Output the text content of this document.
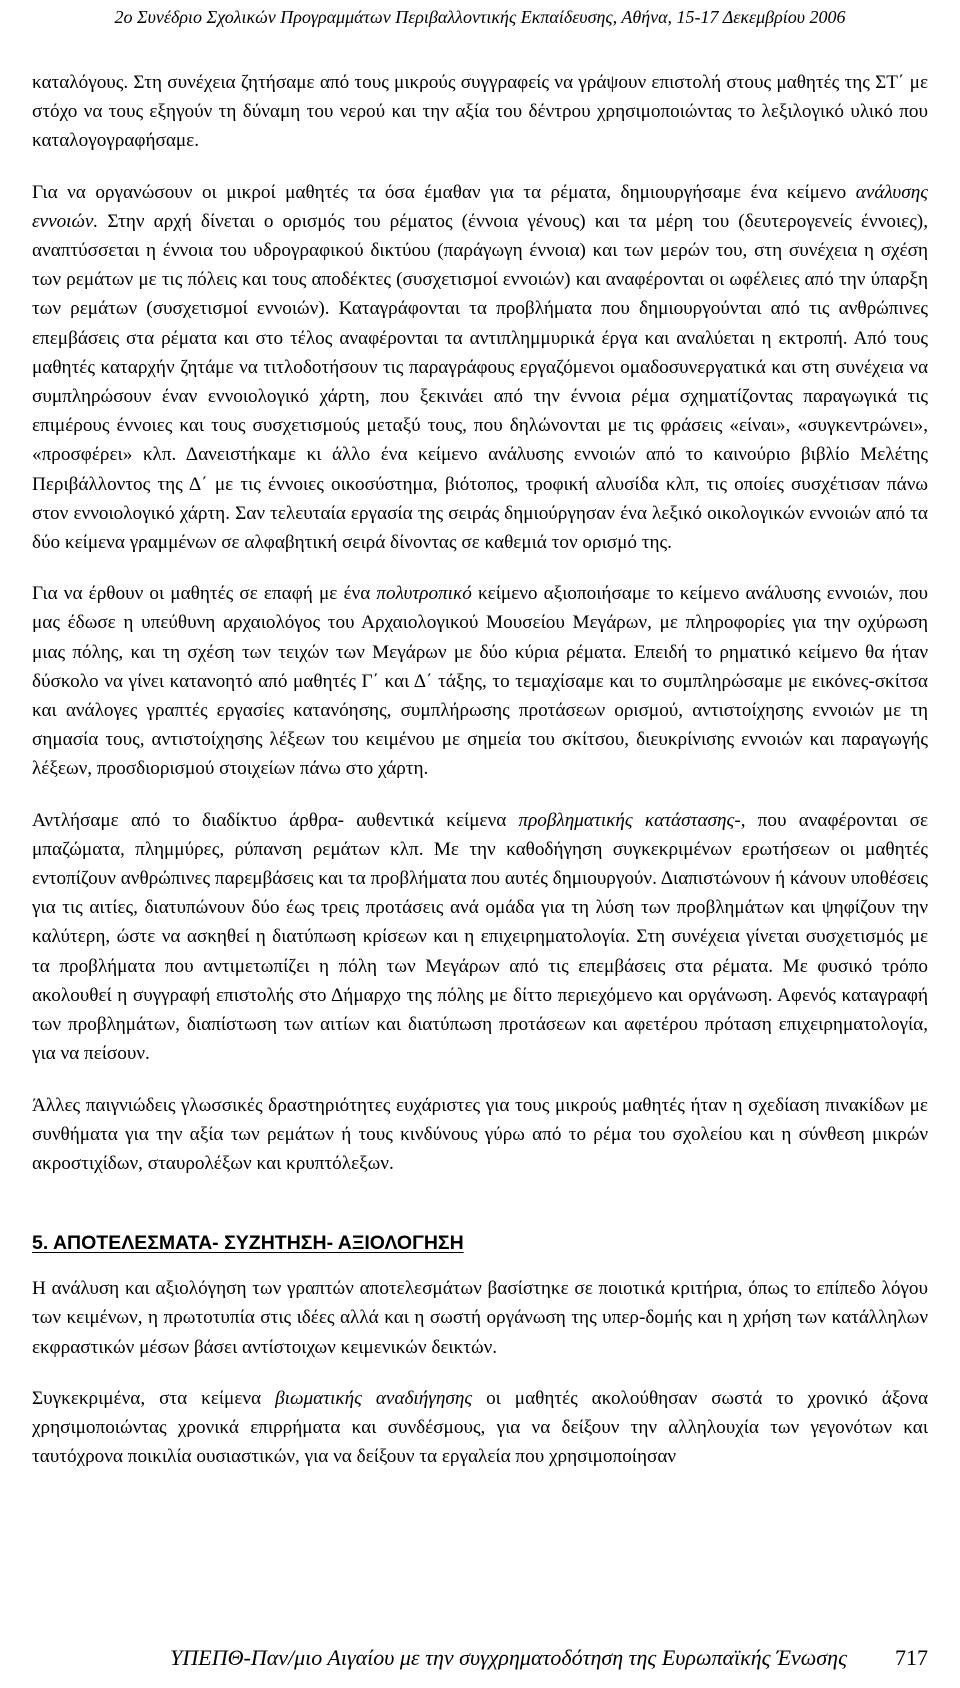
2ο Συνέδριο Σχολικών Προγραμμάτων Περιβαλλοντικής Εκπαίδευσης, Αθήνα, 15-17 Δεκεμβρίου 2006

καταλόγους. Στη συνέχεια ζητήσαμε από τους μικρούς συγγραφείς να γράψουν επιστολή στους μαθητές της ΣΤ΄ με στόχο να τους εξηγούν τη δύναμη του νερού και την αξία του δέντρου χρησιμοποιώντας το λεξιλογικό υλικό που καταλογογραφήσαμε.

Για να οργανώσουν οι μικροί μαθητές τα όσα έμαθαν για τα ρέματα, δημιουργήσαμε ένα κείμενο ανάλυσης εννοιών. Στην αρχή δίνεται ο ορισμός του ρέματος (έννοια γένους) και τα μέρη του (δευτερογενείς έννοιες), αναπτύσσεται η έννοια του υδρογραφικού δικτύου (παράγωγη έννοια) και των μερών του, στη συνέχεια η σχέση των ρεμάτων με τις πόλεις και τους αποδέκτες (συσχετισμοί εννοιών) και αναφέρονται οι ωφέλειες από την ύπαρξη των ρεμάτων (συσχετισμοί εννοιών). Καταγράφονται τα προβλήματα που δημιουργούνται από τις ανθρώπινες επεμβάσεις στα ρέματα και στο τέλος αναφέρονται τα αντιπλημμυρικά έργα και αναλύεται η εκτροπή. Από τους μαθητές καταρχήν ζητάμε να τιτλοδοτήσουν τις παραγράφους εργαζόμενοι ομαδοσυνεργατικά και στη συνέχεια να συμπληρώσουν έναν εννοιολογικό χάρτη, που ξεκινάει από την έννοια ρέμα σχηματίζοντας παραγωγικά τις επιμέρους έννοιες και τους συσχετισμούς μεταξύ τους, που δηλώνονται με τις φράσεις «είναι», «συγκεντρώνει», «προσφέρει» κλπ. Δανειστήκαμε κι άλλο ένα κείμενο ανάλυσης εννοιών από το καινούριο βιβλίο Μελέτης Περιβάλλοντος της Δ΄ με τις έννοιες οικοσύστημα, βιότοπος, τροφική αλυσίδα κλπ, τις οποίες συσχέτισαν πάνω στον εννοιολογικό χάρτη. Σαν τελευταία εργασία της σειράς δημιούργησαν ένα λεξικό οικολογικών εννοιών από τα δύο κείμενα γραμμένων σε αλφαβητική σειρά δίνοντας σε καθεμιά τον ορισμό της.

Για να έρθουν οι μαθητές σε επαφή με ένα πολυτροπικό κείμενο αξιοποιήσαμε το κείμενο ανάλυσης εννοιών, που μας έδωσε η υπεύθυνη αρχαιολόγος του Αρχαιολογικού Μουσείου Μεγάρων, με πληροφορίες για την οχύρωση μιας πόλης, και τη σχέση των τειχών των Μεγάρων με δύο κύρια ρέματα. Επειδή το ρηματικό κείμενο θα ήταν δύσκολο να γίνει κατανοητό από μαθητές Γ΄ και Δ΄ τάξης, το τεμαχίσαμε και το συμπληρώσαμε με εικόνες-σκίτσα και ανάλογες γραπτές εργασίες κατανόησης, συμπλήρωσης προτάσεων ορισμού, αντιστοίχησης εννοιών με τη σημασία τους, αντιστοίχησης λέξεων του κειμένου με σημεία του σκίτσου, διευκρίνισης εννοιών και παραγωγής λέξεων, προσδιορισμού στοιχείων πάνω στο χάρτη.

Αντλήσαμε από το διαδίκτυο άρθρα- αυθεντικά κείμενα προβληματικής κατάστασης-, που αναφέρονται σε μπαζώματα, πλημμύρες, ρύπανση ρεμάτων κλπ. Με την καθοδήγηση συγκεκριμένων ερωτήσεων οι μαθητές εντοπίζουν ανθρώπινες παρεμβάσεις και τα προβλήματα που αυτές δημιουργούν. Διαπιστώνουν ή κάνουν υποθέσεις για τις αιτίες, διατυπώνουν δύο έως τρεις προτάσεις ανά ομάδα για τη λύση των προβλημάτων και ψηφίζουν την καλύτερη, ώστε να ασκηθεί η διατύπωση κρίσεων και η επιχειρηματολογία. Στη συνέχεια γίνεται συσχετισμός με τα προβλήματα που αντιμετωπίζει η πόλη των Μεγάρων από τις επεμβάσεις στα ρέματα. Με φυσικό τρόπο ακολουθεί η συγγραφή επιστολής στο Δήμαρχο της πόλης με δίττο περιεχόμενο και οργάνωση. Αφενός καταγραφή των προβλημάτων, διαπίστωση των αιτίων και διατύπωση προτάσεων και αφετέρου πρόταση επιχειρηματολογία, για να πείσουν.

Άλλες παιγνιώδεις γλωσσικές δραστηριότητες ευχάριστες για τους μικρούς μαθητές ήταν η σχεδίαση πινακίδων με συνθήματα για την αξία των ρεμάτων ή τους κινδύνους γύρω από το ρέμα του σχολείου και η σύνθεση μικρών ακροστιχίδων, σταυρολέξων και κρυπτόλεξων.

5. ΑΠΟΤΕΛΕΣΜΑΤΑ- ΣΥΖΗΤΗΣΗ- ΑΞΙΟΛΟΓΗΣΗ

Η ανάλυση και αξιολόγηση των γραπτών αποτελεσμάτων βασίστηκε σε ποιοτικά κριτήρια, όπως το επίπεδο λόγου των κειμένων, η πρωτοτυπία στις ιδέες αλλά και η σωστή οργάνωση της υπερ-δομής και η χρήση των κατάλληλων εκφραστικών μέσων βάσει αντίστοιχων κειμενικών δεικτών.

Συγκεκριμένα, στα κείμενα βιωματικής αναδιήγησης οι μαθητές ακολούθησαν σωστά το χρονικό άξονα χρησιμοποιώντας χρονικά επιρρήματα και συνδέσμους, για να δείξουν την αλληλουχία των γεγονότων και ταυτόχρονα ποικιλία ουσιαστικών, για να δείξουν τα εργαλεία που χρησιμοποίησαν

ΥΠΕΠΘ-Παν/μιο Αιγαίου με την συγχρηματοδότηση της Ευρωπαϊκής Ένωσης 717
